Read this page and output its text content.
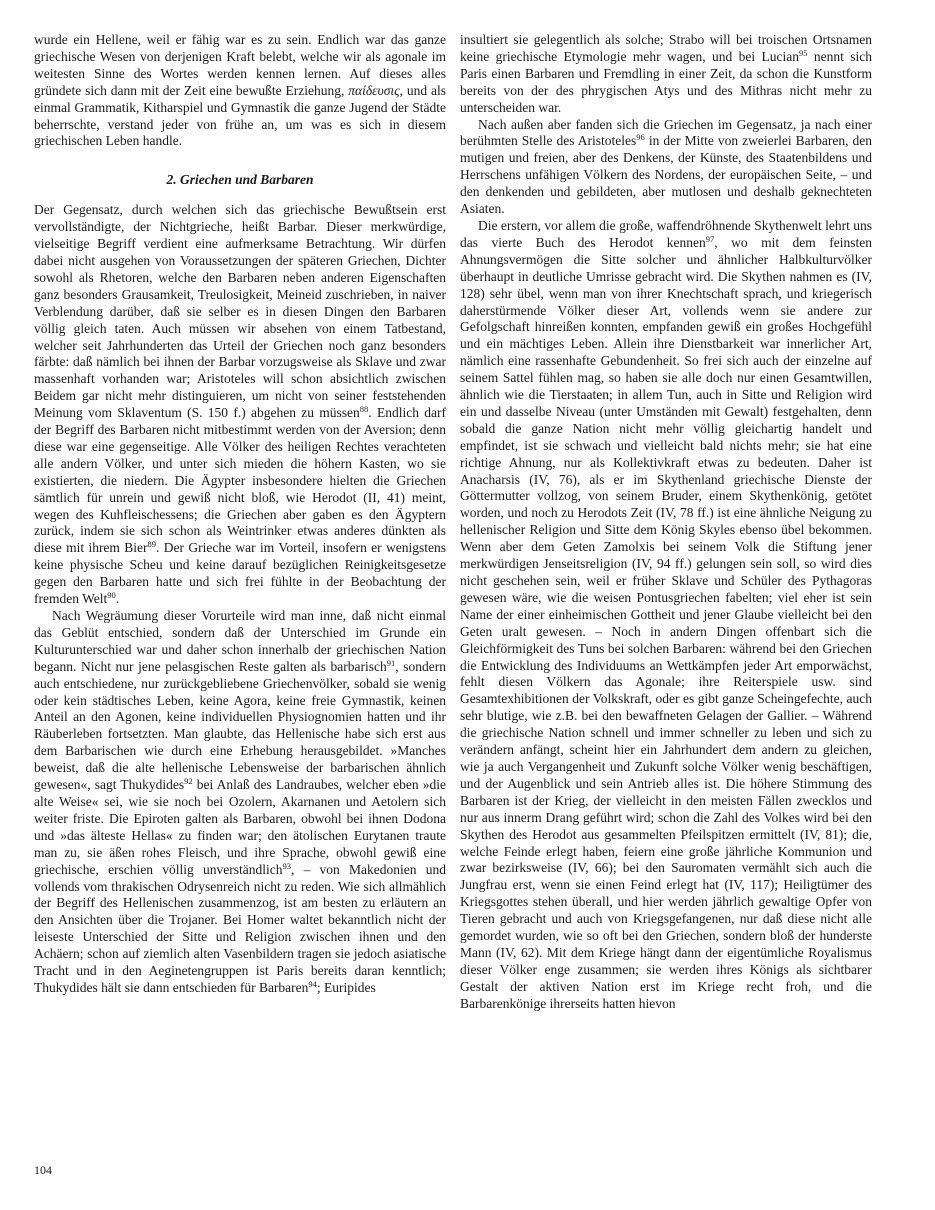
wurde ein Hellene, weil er fähig war es zu sein. Endlich war das ganze griechische Wesen von derjenigen Kraft belebt, welche wir als agonale im weitesten Sinne des Wortes werden kennen lernen. Auf dieses alles gründete sich dann mit der Zeit eine bewußte Erziehung, παίδευσις, und als einmal Grammatik, Kitharspiel und Gymnastik die ganze Jugend der Städte beherrschte, verstand jeder von frühe an, um was es sich in diesem griechischen Leben handle.

2. Griechen und Barbaren

Der Gegensatz, durch welchen sich das griechische Bewußtsein erst vervollständigte, der Nichtgrieche, heißt Barbar. Dieser merkwürdige, vielseitige Begriff verdient eine aufmerksame Betrachtung. Wir dürfen dabei nicht ausgehen von Voraussetzungen der späteren Griechen, Dichter sowohl als Rhetoren, welche den Barbaren neben anderen Eigenschaften ganz besonders Grausamkeit, Treulosigkeit, Meineid zuschrieben, in naiver Verblendung darüber, daß sie selber es in diesen Dingen den Barbaren völlig gleich taten. Auch müssen wir absehen von einem Tatbestand, welcher seit Jahrhunderten das Urteil der Griechen noch ganz besonders färbte: daß nämlich bei ihnen der Barbar vorzugsweise als Sklave und zwar massenhaft vorhanden war; Aristoteles will schon absichtlich zwischen Beidem gar nicht mehr distinguieren, um nicht von seiner feststehenden Meinung vom Sklaventum (S. 150 f.) abgehen zu müssen$^{88}$. Endlich darf der Begriff des Barbaren nicht mitbestimmt werden von der Aversion; denn diese war eine gegenseitige. Alle Völker des heiligen Rechtes verachteten alle andern Völker, und unter sich mieden die höhern Kasten, wo sie existierten, die niedern. Die Ägypter insbesondere hielten die Griechen sämtlich für unrein und gewiß nicht bloß, wie Herodot (II, 41) meint, wegen des Kuhfleischessens; die Griechen aber gaben es den Ägyptern zurück, indem sie sich schon als Weintrinker etwas anderes dünkten als diese mit ihrem Bier$^{89}$. Der Grieche war im Vorteil, insofern er wenigstens keine physische Scheu und keine darauf bezüglichen Reinigkeitsgesetze gegen den Barbaren hatte und sich frei fühlte in der Beobachtung der fremden Welt$^{90}$.

Nach Wegräumung dieser Vorurteile wird man inne, daß nicht einmal das Geblüt entschied, sondern daß der Unterschied im Grunde ein Kulturunterschied war und daher schon innerhalb der griechischen Nation begann. Nicht nur jene pelasgischen Reste galten als barbarisch$^{91}$, sondern auch entschiedene, nur zurückgebliebene Griechenvölker, sobald sie wenig oder kein städtisches Leben, keine Agora, keine freie Gymnastik, keinen Anteil an den Agonen, keine individuellen Physiognomien hatten und ihr Räuberleben fortsetzten. Man glaubte, das Hellenische habe sich erst aus dem Barbarischen wie durch eine Erhebung herausgebildet. »Manches beweist, daß die alte hellenische Lebensweise der barbarischen ähnlich gewesen«, sagt Thukydides$^{92}$ bei Anlaß des Landraubes, welcher eben »die alte Weise« sei, wie sie noch bei Ozolern, Akarnanen und Aetolern sich weiter friste. Die Epiroten galten als Barbaren, obwohl bei ihnen Dodona und »das älteste Hellas« zu finden war; den ätolischen Eurytanen traute man zu, sie äßen rohes Fleisch, und ihre Sprache, obwohl gewiß eine griechische, erschien völlig unverständlich$^{93}$, – von Makedonien und vollends vom thrakischen Odrysenreich nicht zu reden. Wie sich allmählich der Begriff des Hellenischen zusammenzog, ist am besten zu erläutern an den Ansichten über die Trojaner. Bei Homer waltet bekanntlich nicht der leiseste Unterschied der Sitte und Religion zwischen ihnen und den Achäern; schon auf ziemlich alten Vasenbildern tragen sie jedoch asiatische Tracht und in den Aeginetengruppen ist Paris bereits daran kenntlich; Thukydides hält sie dann entschieden für Barbaren$^{94}$; Euripides

insultiert sie gelegentlich als solche; Strabo will bei troischen Ortsnamen keine griechische Etymologie mehr wagen, und bei Lucian$^{95}$ nennt sich Paris einen Barbaren und Fremdling in einer Zeit, da schon die Kunstform bereits von der des phrygischen Atys und des Mithras nicht mehr zu unterscheiden war.

Nach außen aber fanden sich die Griechen im Gegensatz, ja nach einer berühmten Stelle des Aristoteles$^{96}$ in der Mitte von zweierlei Barbaren, den mutigen und freien, aber des Denkens, der Künste, des Staatenbildens und Herrschens unfähigen Völkern des Nordens, der europäischen Seite, – und den denkenden und gebildeten, aber mutlosen und deshalb geknechteten Asiaten.

Die erstern, vor allem die große, waffendröhnende Skythenwelt lehrt uns das vierte Buch des Herodot kennen$^{97}$, wo mit dem feinsten Ahnungsvermögen die Sitte solcher und ähnlicher Halbkulturvölker überhaupt in deutliche Umrisse gebracht wird. Die Skythen nahmen es (IV, 128) sehr übel, wenn man von ihrer Knechtschaft sprach, und kriegerisch daherstürmende Völker dieser Art, vollends wenn sie andere zur Gefolgschaft hinreißen konnten, empfanden gewiß ein großes Hochgefühl und ein mächtiges Leben. Allein ihre Dienstbarkeit war innerlicher Art, nämlich eine rassenhafte Gebundenheit. So frei sich auch der einzelne auf seinem Sattel fühlen mag, so haben sie alle doch nur einen Gesamtwillen, ähnlich wie die Tierstaaten; in allem Tun, auch in Sitte und Religion wird ein und dasselbe Niveau (unter Umständen mit Gewalt) festgehalten, denn sobald die ganze Nation nicht mehr völlig gleichartig handelt und empfindet, ist sie schwach und vielleicht bald nichts mehr; sie hat eine richtige Ahnung, nur als Kollektivkraft etwas zu bedeuten. Daher ist Anacharsis (IV, 76), als er im Skythenland griechische Dienste der Göttermutter vollzog, von seinem Bruder, einem Skythenkönig, getötet worden, und noch zu Herodots Zeit (IV, 78 ff.) ist eine ähnliche Neigung zu hellenischer Religion und Sitte dem König Skyles ebenso übel bekommen. Wenn aber dem Geten Zamolxis bei seinem Volk die Stiftung jener merkwürdigen Jenseitsreligion (IV, 94 ff.) gelungen sein soll, so wird dies nicht geschehen sein, weil er früher Sklave und Schüler des Pythagoras gewesen wäre, wie die weisen Pontusgriechen fabelten; viel eher ist sein Name der einer einheimischen Gottheit und jener Glaube vielleicht bei den Geten uralt gewesen. – Noch in andern Dingen offenbart sich die Gleichförmigkeit des Tuns bei solchen Barbaren: während bei den Griechen die Entwicklung des Individuums an Wettkämpfen jeder Art emporwächst, fehlt diesen Völkern das Agonale; ihre Reiterspiele usw. sind Gesamtexhibitionen der Volkskraft, oder es gibt ganze Scheingefechte, auch sehr blutige, wie z.B. bei den bewaffneten Gelagen der Gallier. – Während die griechische Nation schnell und immer schneller zu leben und sich zu verändern anfängt, scheint hier ein Jahrhundert dem andern zu gleichen, wie ja auch Vergangenheit und Zukunft solche Völker wenig beschäftigen, und der Augenblick und sein Antrieb alles ist. Die höhere Stimmung des Barbaren ist der Krieg, der vielleicht in den meisten Fällen zwecklos und nur aus innerm Drang geführt wird; schon die Zahl des Volkes wird bei den Skythen des Herodot aus gesammelten Pfeilspitzen ermittelt (IV, 81); die, welche Feinde erlegt haben, feiern eine große jährliche Kommunion und zwar bezirksweise (IV, 66); bei den Sauromaten vermählt sich auch die Jungfrau erst, wenn sie einen Feind erlegt hat (IV, 117); Heiligtümer des Kriegsgottes stehen überall, und hier werden jährlich gewaltige Opfer von Tieren gebracht und auch von Kriegsgefangenen, nur daß diese nicht alle gemordet wurden, wie so oft bei den Griechen, sondern bloß der hunderste Mann (IV, 62). Mit dem Kriege hängt dann der eigentümliche Royalismus dieser Völker enge zusammen; sie werden ihres Königs als sichtbarer Gestalt der aktiven Nation erst im Kriege recht froh, und die Barbarenkönige ihrerseits hatten hievon

104
